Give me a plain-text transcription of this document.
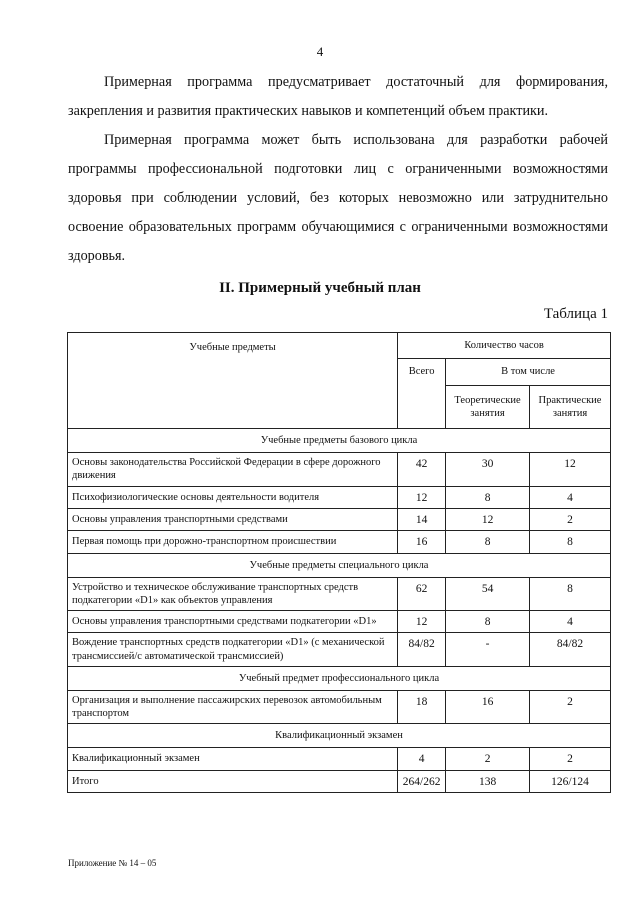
4

Примерная программа предусматривает достаточный для формирования, закрепления и развития практических навыков и компетенций объем практики.

Примерная программа может быть использована для разработки рабочей программы профессиональной подготовки лиц с ограниченными возможностями здоровья при соблюдении условий, без которых невозможно или затруднительно освоение образовательных программ обучающимися с ограниченными возможностями здоровья.

II. Примерный учебный план
Таблица 1
Учебные предметы	Количество часов		
	Всего	В том числе	
		Теоретические занятия	Практические занятия
Учебные предметы базового цикла			
Основы законодательства Российской Федерации в сфере дорожного движения	42	30	12
Психофизиологические основы деятельности водителя	12	8	4
Основы управления транспортными средствами	14	12	2
Первая помощь при дорожно-транспортном происшествии	16	8	8
Учебные предметы специального цикла			
Устройство и техническое обслуживание транспортных средств подкатегории «D1» как объектов управления	62	54	8
Основы управления транспортными средствами подкатегории «D1»	12	8	4
Вождение транспортных средств подкатегории «D1» (с механической трансмиссией/с автоматической трансмиссией)	84/82	-	84/82
Учебный предмет профессионального цикла			
Организация и выполнение пассажирских перевозок автомобильным транспортом	18	16	2
Квалификационный экзамен			
Квалификационный экзамен	4	2	2
Итого	264/262	138	126/124
Приложение № 14 – 05
